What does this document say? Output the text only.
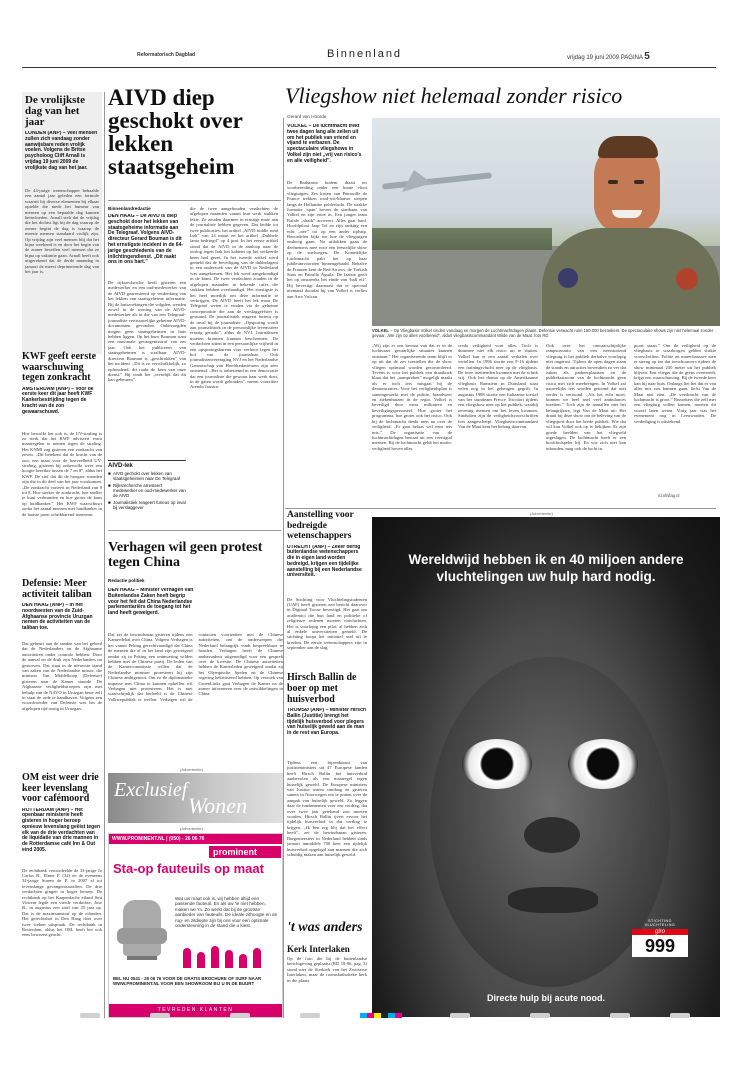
Reformatorisch Dagblad	Binnenland	vrijdag 19 juni 2009 PAGINA 5
De vrolijkste dag van het jaar
LONDEN (ANP) – Veel mensen zullen zich vandaag zonder aanwijsbare reden vrolijk voelen. Volgens de Britse psycholoog Cliff Arnall is vrijdag 19 juni 2009 de vrolijkste dag van het jaar.
De 44-jarige wetenschapper behaalde een aantal jaar geleden een formule waaruit bij diverse elementen bij elkaar optelde die mede het humeur van mensen op een bepaalde dag kunnen beïnvloeden. Arnall stelt dat de vrijdag die het dichtst ligt bij de dag waarop de zomer begint de dag is waarop de meeste mensen standaard vrolijk zijn. Op vrijdag zijn veel mensen blij dat het bijna weekend is en door het begin van de zomer beseffen veel mensen dat ze bijna op vakantie gaan. Arnall heeft ook uitgerekend dat de derde maandag in januari de meest deprimerende dag van het jaar is.
KWF geeft eerste waarschuwing tegen zonkracht
AMSTERDAM (ANP) – Voor de eerste keer dit jaar heeft KWF Kankerbestrijding tegen de kracht van de zon gewaarschuwd.
Hoe bewolkt het ook is, de UV-straling is zo sterk dat het KWF adviseert extra maatregelen te nemen tegen de straling. Het KNMI zag gisteren een zonkracht van zeven. „Dit betekent dat de kracht van de zon, een maat voor de hoeveelheid UV-straling, gisteren bij onbewolkt weer een hoogte bereikte tussen de 7 en 8”, aldus het KWF. De stof dat dit de hoogste waarden zijn die in dit deel van het jaar voorkomen. „De zonkracht varieert in Nederland van 0 tot 8. Hoe sterker de zonkracht, hoe sneller je kunt verbranden en hoe groter de kans op huidkanker.” Het KWF waarschuwt zodra het aantal mensen met huidkanker in de laatste jaren schrikbarend toeneemt.
Defensie: Meer activiteit taliban
DEN HAAG (ANP) – In het noordwesten van de Zuid-Afghaanse provincie Uruzgan nemen de activiteiten van de taliban toe.
Dat gebeurt aan de randen van het gebied dat de Nederlanders en de Afghaanse autoriteiten onder controle hebben. Door de aanval en de druk zijn Nederlanders nu gestorven. Dat staat in de nieuwste stand van zaken van de Nederlandse missie, die minister Van Middelkoop (Defensie) gisteren naar de Kamer stuurde. De Afghaanse veiligheidstroepen zijn met behulp van de NAVO in Uruzgan beter zelf in staat de orde te handhaven. Volgens een woordvoerder van Defensie was het de afgelopen tijd rustig in Uruzgan.
OM eist weer drie keer levenslang voor cafémoord
ROTTERDAM (ANP) – Het openbaar ministerie heeft gisteren in hoger beroep opnieuw levenslang geëist tegen elk van de drie verdachten van de liquidatie van drie mannen in de Rotterdamse café Inn & Out eind 2005.
De rechtbank veroordeelde de 33-jarige Jo Carlos R., Elmer F. (34) en de eveneens 34-jarige Sorem de P. in 2007 al tot levenslange gevangenisstraffen. De drie verdachten gingen in hoger beroep. De rechtbank op het Kaaperdache eiland Sint Vincent legde een vierde verdachte, Jose B., in augustus een straf van 25 jaar op. Dat is de maximumstraf op de eilanden. Het gerechtshof in Den Haag doet over twee weken uitspraak. De rechtbank in Rotterdam, aldus het OM, heeft het ook eens bewezen geacht.
AIVD diep geschokt over lekken staatsgeheim
Binnenlandredactie
DEN HAAG – De AIVD is diep geschokt door het lekken van staatsgeheime informatie aan De Telegraaf. Volgens AIVD-directeur Gerard Bouman is dit het ernstigste incident in de 64-jarige geschiedenis van de inlichtingendienst. „Dit raakt ons in ons hart.”
De rijksrecherche heeft gisteren een medewerker en een oud-medewerker van de AIVD gearresteerd op verdenking van het lekken van staatsgeheime informatie. Bij de huiszoekingen die volgden, werden zowel in de woning van de AIVD-medewerker als in die van een Telegraaf-journaliste vertrouwelijke geheime AIVD-documenten gevonden. Onbevoegden mogen geen staatsgeheimen in huis hebben liggen. Op het buro Bouman staat een maximale gevangenisstraf van zes jaar. Ook het publiceren van staatsgeheimen is strafbaar. AIVD-directeur Bouman is „geschrokken” van het incident. „Dit is zo verschrikkelijk, zo ophoudend, dit raakt de kern van onze dienst.” Hij vindt het „vreselijk dat dit kan gebeuren”.
AIVD-lek
■ AIVD gechokt over lekken van staatsgeheimen naar De Telegraaf
■ Rijksrecherche arresteert medewerker en oud-medewerker van de AIVD
■ Journalistiek reageert furieus op inval bij verslaggever
die de twee aangehouden verdachten de afgelopen maanden vanuit hun werk stukken lekte. Ze zouden daarmee in ernstige mate aan de journaliste hebben gegeven. Dat leidde tot twee publicaties: het artikel „AIVD fuddle rond Irak” van 24 maart en het artikel „Dubbele lanta bedriegd” op 4 juni. In het eerste artikel stond dat de AIVD in de aanloop naar de oorlog tegen Irak het kabinet op het verkeerde been had gezet. In het tweede artikel werd gemeld dat de beveiliging van de dubbelagent in een onderzoek van de AIVD in Nederland was aangekomen. Het lek werd aangekondigd in de krant. De twee verdachten zouden in de afgelopen maanden in bekende cafés die stukken hebben overhandigd. Het ernstigste is het heel moeilijk om deze informatie te verkrijgen. De AIVD heeft het lek maar De Telegraaf weten te vinden via de geheime conceptnotitie die aan de verslaggeefster is gestuurd. De journalistiek reageert furieus op de inval bij de journaliste. „Opsporing wordt aan journalistiek in de persoonlijke levenssfeer ernstig geraakt”, aldus de NVJ. Journalisten moeten bronnen kunnen beschermen. De verdachten zitten in een persoonlijke vrijheid in een opsporingsbureau voor verhoor tegen het hof van de journaliste. Ook journalistenvereniging NVJ en het Nederlandse Genootschap van Hoofdredacteuren zijn zeer ontstemd. „Het is onbestemd in een democratie dat een journaliste die gewoon haar werk doet, in de gaten wordt gehouden”, meent voorzitter Arendo Joustra.
Verhagen wil geen protest tegen China
Redactie politiek
DEN HAAG – Minister Verhagen van Buitenlandse Zaken heeft begrip voor het feit dat China Nederlandse parlementariërs de toegang tot het land heeft geweigerd.
Dat zei de bewindsman gisteren tijdens een Kamerdebat over China. Volgens Verhagen is het vanuit Peking gerechtvaardigd dat China de mensen die al in het land zijn geweigerd omdat zij in Peking een ontmoeting wilden hebben met de Chinese partij. De leden van de Kamercommissie willen dat de Nederlandse minister protesteert bij zijn Chinese ambtgenoot. Om zo de diplomatieke impasse met China te kunnen opheffen wil Verhagen niet protesteren. Het is niet waarschijnlijk dat bedoeld is de Chinese Volksrepubliek te treffen. Verhagen wil de contacten voortzetten met de Chinese autoriteiten, om de onderwerpen die Nederland belangrijk vindt bespreekbaar te houden. Verhagen heeft de Chinese ambassadeur uitgenodigd voor een gesprek over de kwestie. De Chinese autoriteiten hebben de Kamerleden geweigerd omdat zij het Olympische Spelen en de Chinese regering bekritiseerd hebben. Op verzoek van GroenLinks gaat Verhagen de Kamer na de zomer informeren over de ontwikkelingen in China.
(Advertentie)
Exclusief
Wonen
(Advertentie)
WWW.PROMINENT.NL | (050) - 26 06 76
prominent
Sta-op fauteuils op maat
Wat uw maat ook is, wij hebben altijd een passende fauteuil. En als uw 'ie niet hebben, maken we 'm. Zo werkt dat bij de grootste aanbieder van fauteuils. De ideale zithoogte en de rug- en zitdiepte zijn bij ons voor een optimale ondersteuning in de stand die u kiest.
BEL NU 0541 - 26 06 76 VOOR DE GRATIS BROCHURE OF SURF NAAR WWW.PROMINENT.NL VOOR EEN SHOWROOM BIJ U IN DE BUURT
TEVREDEN KLANTEN
Vliegshow niet helemaal zonder risico
Gerard van Hoorde
VOLKEL – De luchtmacht trekt twee dagen lang alle zeilen uit om het publiek van vriend en vijand te verbazen. De spectaculaire vliegshows in Volkel zijn niet „vrij van risico's en alle veiligheid”.
De Brabantse bodem draait ter voorbereiding onder een bonte vloot vliegtuigen. Zes kisten van Patrouille de France trekken rood-wit-blauwe strepen langs de Hollandse polderlucht. De strakke formatie ‘span’ boven de startbaan van Volkel en zijn ertoe in. Een jonger team Rafale „shark” arriveert. Alles gaat hard. Hoofdpiloot Jaap Tol en zijn ranking een echt „nee” tot op een ander tijdstip. Beoordelen kijkt toe hoe de vliegtuigen omhoog gaan. Na uitlokken gaan de deelnemers mee voor een feestelijke show op de snelwegen. De Koninklijke Luchtmacht pakt het op haar jubileumvoorzien binnengehaald. Behalve de Franzen kent de Red Arrows, de Turkish Stars en Patrulla Águila. De laatste geeft het op omstreeks het einde van ‘half elf’. Hij bevestigt daarnaast dat er speciaal niemand doordat hij van Volkel is verlies aan Arro Vulcan.
VOLKEL – Op Vliegbasis Volkel vinden vandaag en morgen de Luchtmachtdagen plaats. Defensie verwacht ruim 150.000 bezoekers. De spectaculaire shows zijn niet helemaal zonder gevaar. „We zijn op alles voorbereid”, aldus vliegbasiscommandant Wilde van de Maat. foto RD
„Wij zijn er ons bewust van dat er in de luchtvaart gevaarlijke situaties kunnen ontstaan.” Het organiserende team blijft er op uit dat de zes toestellen die de show vliegen optimaal worden gecontroleerd. Tevens is voor het publiek een draaiboek klaar dat het „aanspreken” mogelijk maakt als er toch iets misgaat bij de demonstraties. Voor het veiligheidsplan is samengewerkt met de politie, brandweer en ziekenhuizen in de regio. Volkel is beveiligd door extra militairen en beveiligingspersoneel. Hoe groter het programma, hoe groter ook het risico. Ook bij de luchtmacht denkt men na over de veiligheid. „Er gaat helaas wel eens iets mis.” De organisatie van de luchtmachtdagen bestaat uit een veertigtal mensen. Bij de luchtmacht geldt het motto: veiligheid boven alles.
credo veiligheid voor alles. Toch is duurmee niet elk risico uit te sluiten. Volkel kan er een aantal verhalen over vertellen. In 1996 stortte een F-16 tijdens een trainingsvlucht neer op de vliegbasis. De twee inzittenden kwamen met de schrik vrij. Ook het drama op de Amerikaanse vliegbasis Ramstein in Duitsland staat velen nog in het geheugen gegrift. In augustus 1988 stortte een Italiaanse toestel van het stuntteam Frecce Tricolori tijdens een vliegshow neer op het publiek, waarbij zeventig mensen om het leven kwamen. Sindsdien zijn de veiligheidsvoorschriften fors aangescherpt. Vliegbasiscommandant Van de Maat kent het belang daarvan.
Ook over het onwaarschijnlijke rampscenario van een neerstortend vliegtuig is het publiek derhalve voorlopig niet ongerust. Tijdens de open dagen staan de stands en attracties bovendien zo ver dat zaken als parkeerplaatsen en de publieksstroom van de luchtmacht geen risico met zich meebrengen. In Volkel zal nauwelijks iets worden getoond dat niet eerder is vertoond. „Als het echt moet, kunnen we heel snel veel ambulances inzetten.” Toch zijn de aantallen niet het belangrijkste, legt Van de Maat uit: Het draait bij deze show om de beleving van de vliegsport door het brede publiek. Wie dat wil kan Volkel ook op tv bekijken. Er zijn goede beelden van het vliegveld ingeslagen. De luchtmacht heeft er een hoofdrolspeler bij. En wie zich niet kan inhouden, mag ook de lucht in.
poort staan.” Om de veiligheid op de vliegbasis te waarborgen gelden strikte voorschriften. Politie en marechaussee zien er streng op toe dat toeschouwers tijdens de show minimaal 230 meter uit het publiek blijven. Een vlieger die de grens overtreedt, krijgt een waarschuwing. Bij de tweede keer kan hij naar huis. Onlangs liet het dat er van alles mis zou kunnen gaan, liefst Van de Maat niet zien. „De veerkracht van de luchtmacht is groot.” Bezoekers die zelf met een vliegtuig willen komen, moeten dit vooraf laten weten. Vorig jaar was het evenement nog in Leeuwarden. De verdediging is uitstekend.
rd.nl/vlag.nl
Aanstelling voor bedreigde wetenschappers
UTRECHT (ANP) – Zeker dertig buitenlandse wetenschappers die in eigen land worden bedreigd, krijgen een tijdelijke aanstelling bij een Nederlandse universiteit.
De Stichting voor Vluchtelingstudenten (UAF) heeft gisteren een bericht daarover in Digitaal Trouw bevestigd. Het gaat om academici die hun land en politieke of religieuze redenen moeten ontvluchten. Het is voorlopig een pilot, al hebben zich al enkele universiteiten gemeld. De stichting hoopt het initiatief snel uit te breiden. De eerste wetenschappers zijn in september aan de slag.
Hirsch Ballin de boer op met huisverbod
TROMSØ (ANP) – Minister Hirsch Ballin (Justitie) brengt het tijdelijk huisverbod voor plegers van huiselijk geweld aan de man in de rest van Europa.
Tijdens een bijeenkomst van justitieministers uit 47 Europese landen heeft Hirsch Ballin het huisverbod aanbevolen als een maatregel tegen huiselijk geweld. De Europese ministers van Justitie waren vandaag en gisteren samen in Noorwegen om te praten over de aanpak van huiselijk geweld. Zo leggen daar de fundamenten voor een verdrag, dat over twee jaar getekend zou moeten worden. Hirsch Ballin ijvert ervoor het tijdelijk huisverbod in dat verdrag te krijgen. „Ik ben erg blij dat het effect heeft”, zei de bewindsman gisteren. Burgemeesters in Nederland hebben sinds januari inmiddels 700 keer een tijdelijk huisverbod opgelegd aan mannen die zich schuldig maken aan huiselijk geweld.
't was anders
Kerk Interlaken
Op de foto die bij de buitenlandse berichtgeving geplaatst (RD 18-06, pag. 3) stond niet de Sterkerk van het Zwitserse Interlaken, maar de roomskatholieke kerk in die plaats.
(Advertentie)
Wereldwijd hebben ik en 40 miljoen andere vluchtelingen uw hulp hard nodig.
STICHTING VLUCHTELING
giro
999
Directe hulp bij acute nood.
